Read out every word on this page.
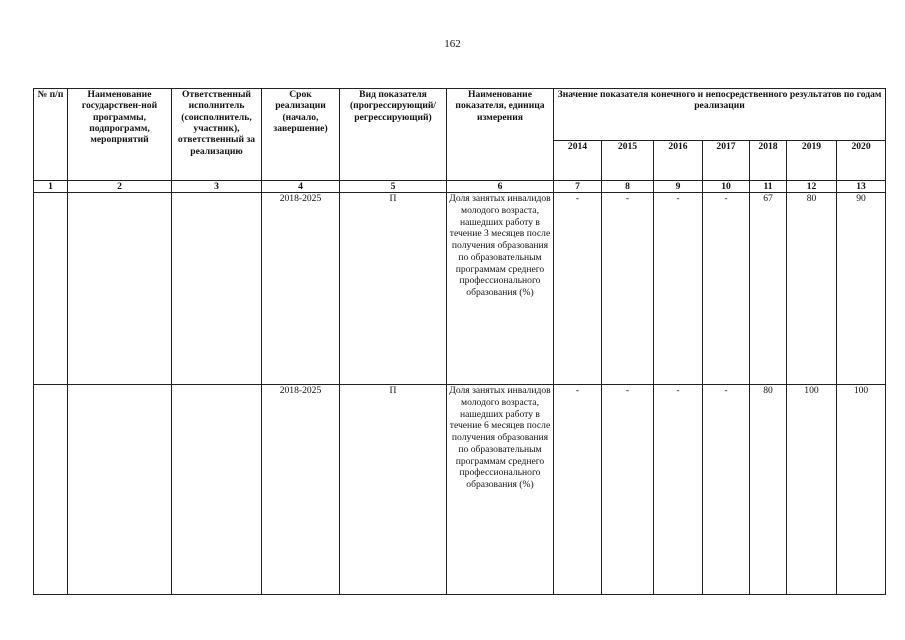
162
№ п/п	Наименование государствен-ной программы, подпрограмм, мероприятий	Ответственный исполнитель (соисполнитель, участник), ответственный за реализацию	Срок реализации (начало, завершение)	Вид показателя (прогрессирующий/ регрессирующий)	Наименование показателя, единица измерения	Значение показателя конечного и непосредственного результатов по годам реализации						
						2014	2015	2016	2017	2018	2019	2020
1	2	3	4	5	6	7	8	9	10	11	12	13
			2018-2025	П	Доля занятых инвалидов молодого возраста, нашедших работу в течение 3 месяцев после получения образования по образовательным программам среднего профессионального образования (%)	-	-	-	-	67	80	90
			2018-2025	П	Доля занятых инвалидов молодого возраста, нашедших работу в течение 6 месяцев после получения образования по образовательным программам среднего профессионального образования (%)	-	-	-	-	80	100	100
